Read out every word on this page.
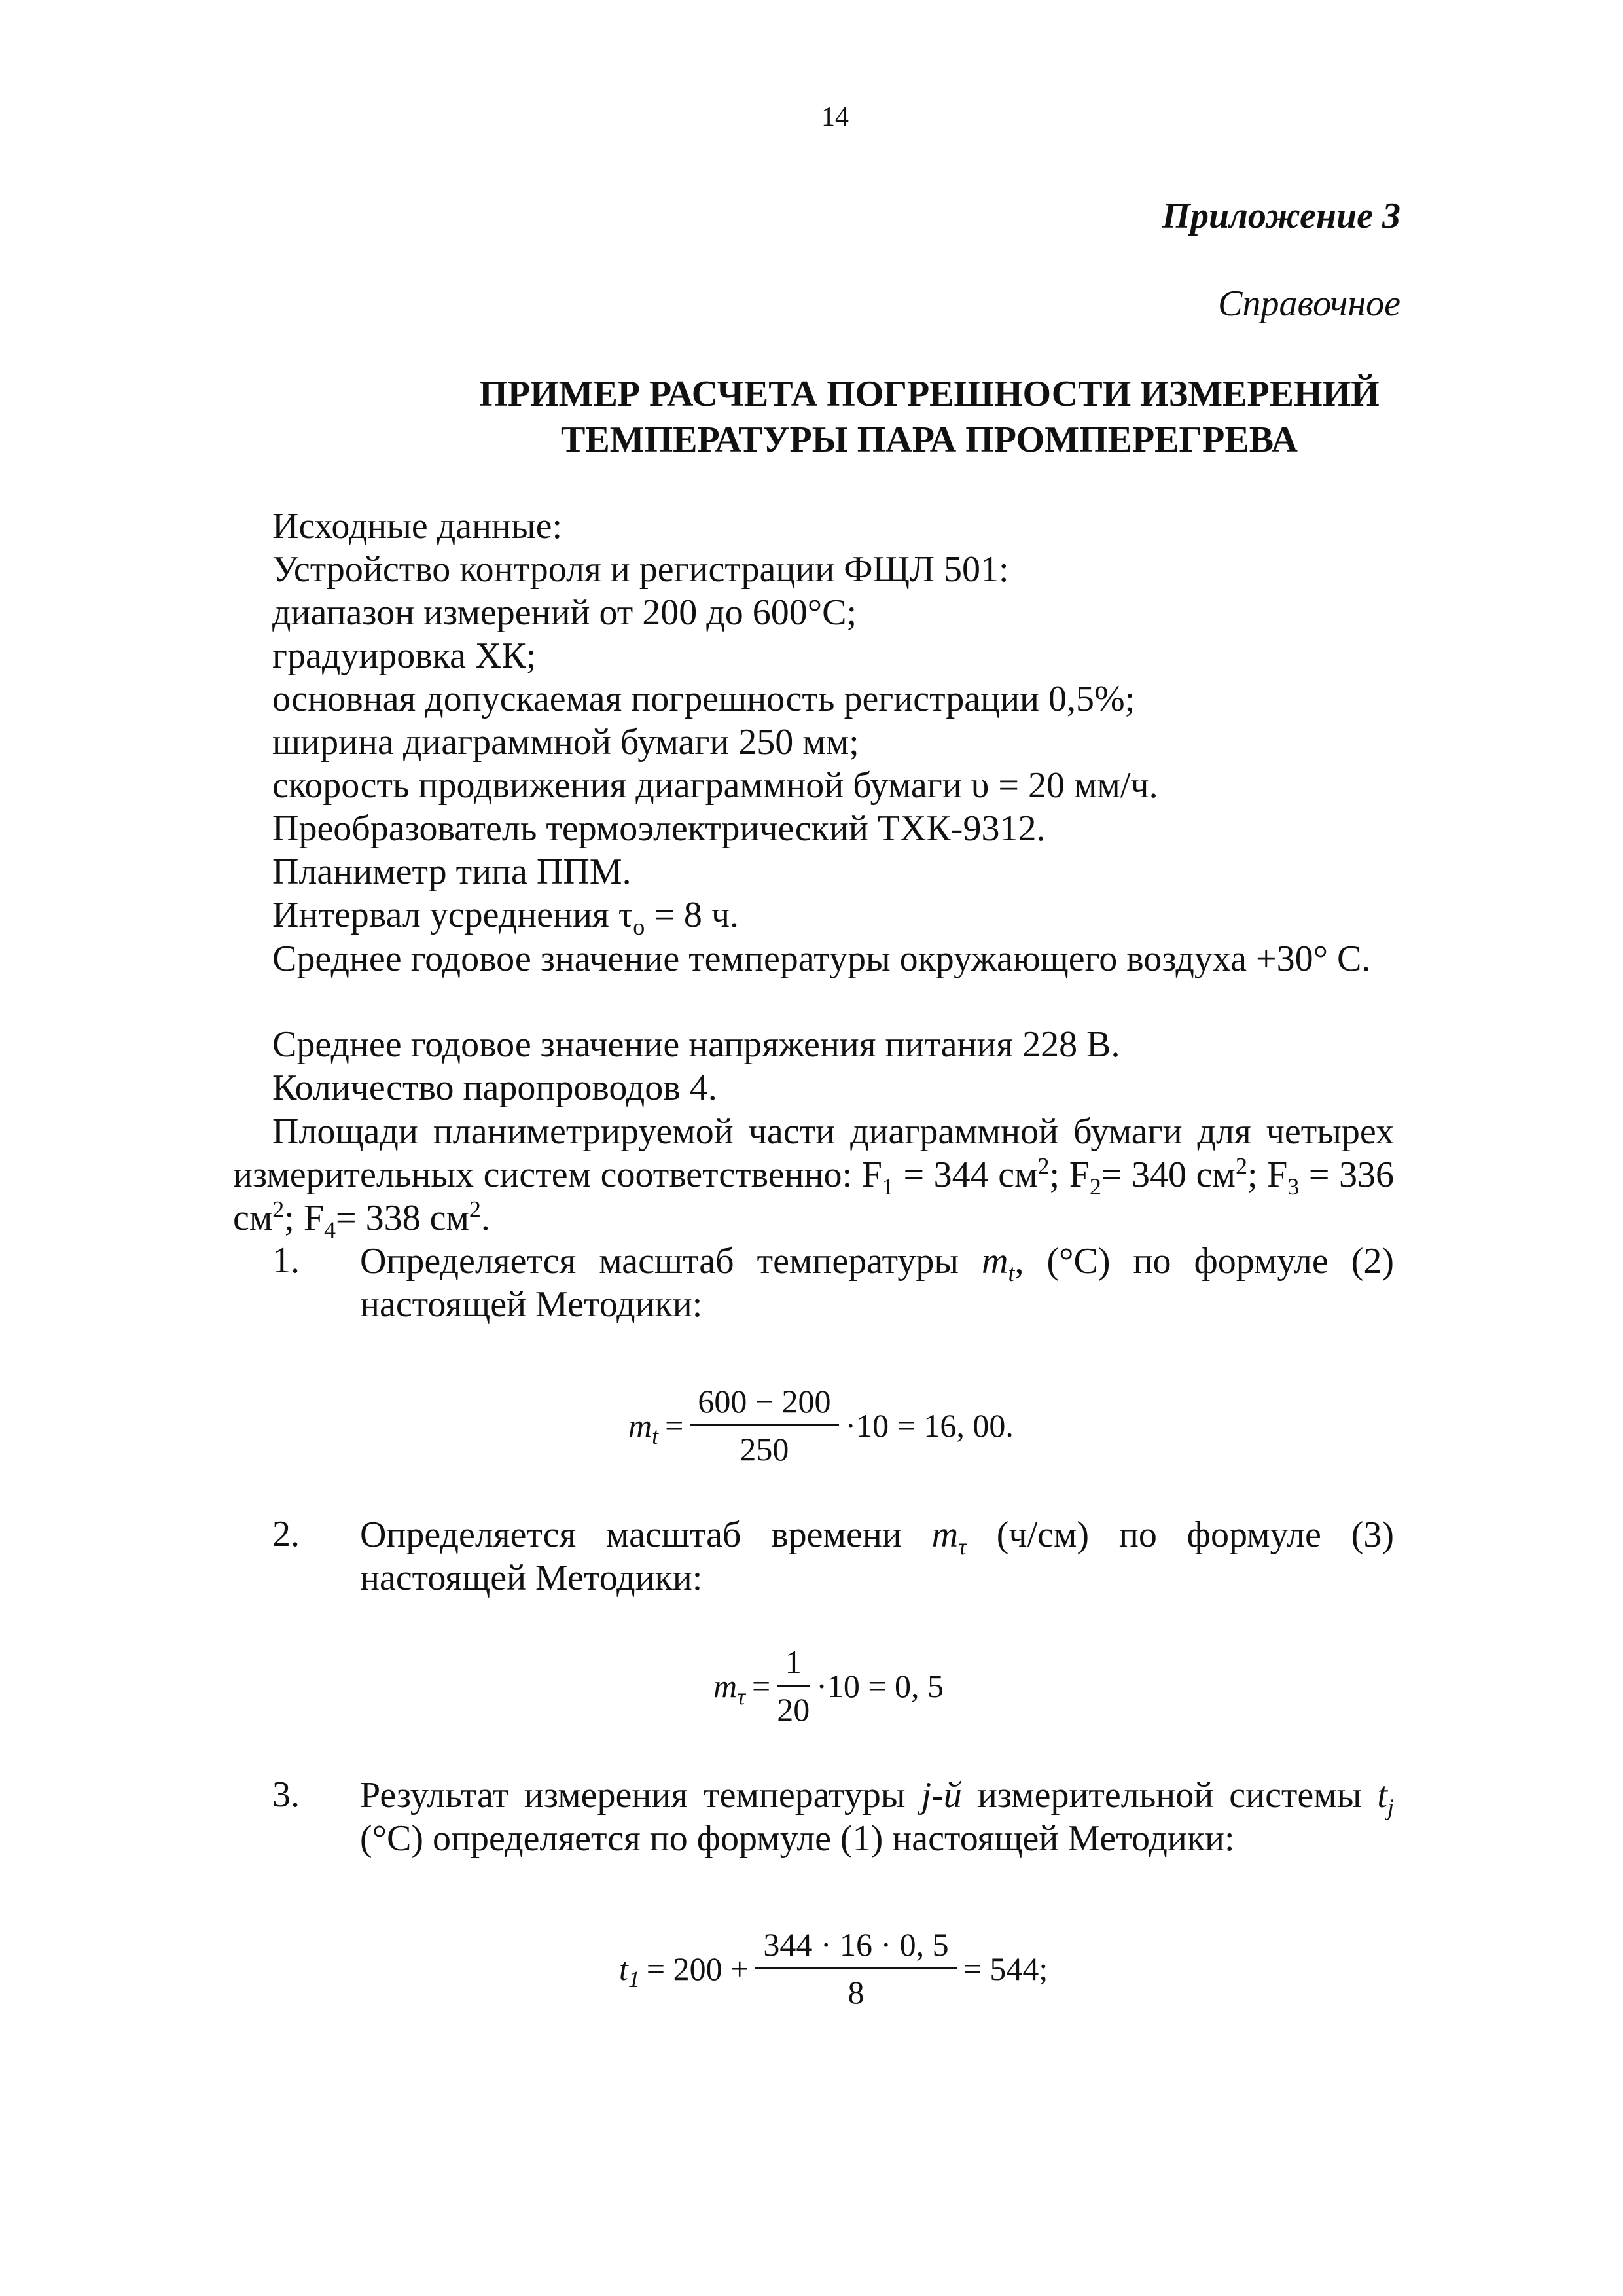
14
Приложение 3
Справочное
ПРИМЕР РАСЧЕТА ПОГРЕШНОСТИ ИЗМЕРЕНИЙ
ТЕМПЕРАТУРЫ ПАРА ПРОМПЕРЕГРЕВА
Исходные данные:
Устройство контроля и регистрации ФЩЛ 501:
диапазон измерений от 200 до 600°С;
градуировка ХК;
основная допускаемая погрешность регистрации 0,5%;
ширина диаграммной бумаги 250 мм;
скорость продвижения диаграммной бумаги υ = 20 мм/ч.
Преобразователь термоэлектрический ТХК-9312.
Планиметр типа ППМ.
Интервал усреднения $\tau_о = 8$ ч.
Среднее годовое значение температуры окружающего воздуха +30° С.
Среднее годовое значение напряжения питания 228 В.
Количество паропроводов 4.
Площади планиметрируемой части диаграммной бумаги для четырех измерительных систем соответственно: $F_1 = 344$ $см^2$; $F_2= 340$ $см^2$; $F_3 = 336$ $см^2$; $F_4= 338$ $см^2$.
1. Определяется масштаб температуры $m_t$, (°С) по формуле (2) настоящей Методики:
$m_t = \frac{600 - 200}{250} \cdot 10 = 16$, 00.
2. Определяется масштаб времени $m_\tau$ (ч/см) по формуле (3) настоящей Методики:
$m_\tau = \frac{1}{20} \cdot 10 = 0$, 5
3. Результат измерения температуры j-й измерительной системы $t_j$ (°С) определяется по формуле (1) настоящей Методики:
$t_1 = 200 + \frac{344 \cdot 16 \cdot 0, 5}{8} = 544$;
